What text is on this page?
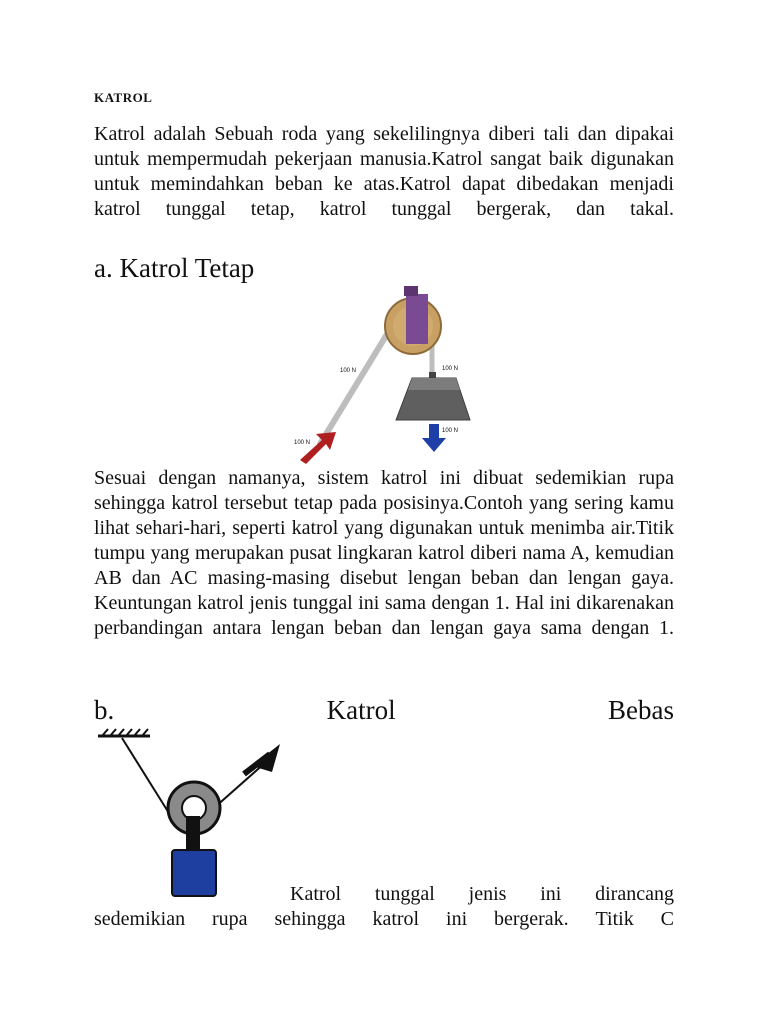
KATROL

Katrol adalah Sebuah roda yang sekelilingnya diberi tali dan dipakai untuk mempermudah pekerjaan manusia.Katrol sangat baik digunakan untuk memindahkan beban ke atas.Katrol dapat dibedakan menjadi katrol tunggal tetap, katrol tunggal bergerak, dan takal.

a. Katrol Tetap
100 N	100 N
100 N
100 N

Sesuai dengan namanya, sistem katrol ini dibuat sedemikian rupa sehingga katrol tersebut tetap pada posisinya.Contoh yang sering kamu lihat sehari-hari, seperti katrol yang digunakan untuk menimba air.Titik tumpu yang merupakan pusat lingkaran katrol diberi nama A, kemudian AB dan AC masing-masing disebut lengan beban dan lengan gaya. Keuntungan katrol jenis tunggal ini sama dengan 1. Hal ini dikarenakan perbandingan antara lengan beban dan lengan gaya sama dengan 1.

b.	Katrol	Bebas
Katrol tunggal jenis ini dirancang
sedemikian rupa sehingga katrol ini bergerak. Titik C
